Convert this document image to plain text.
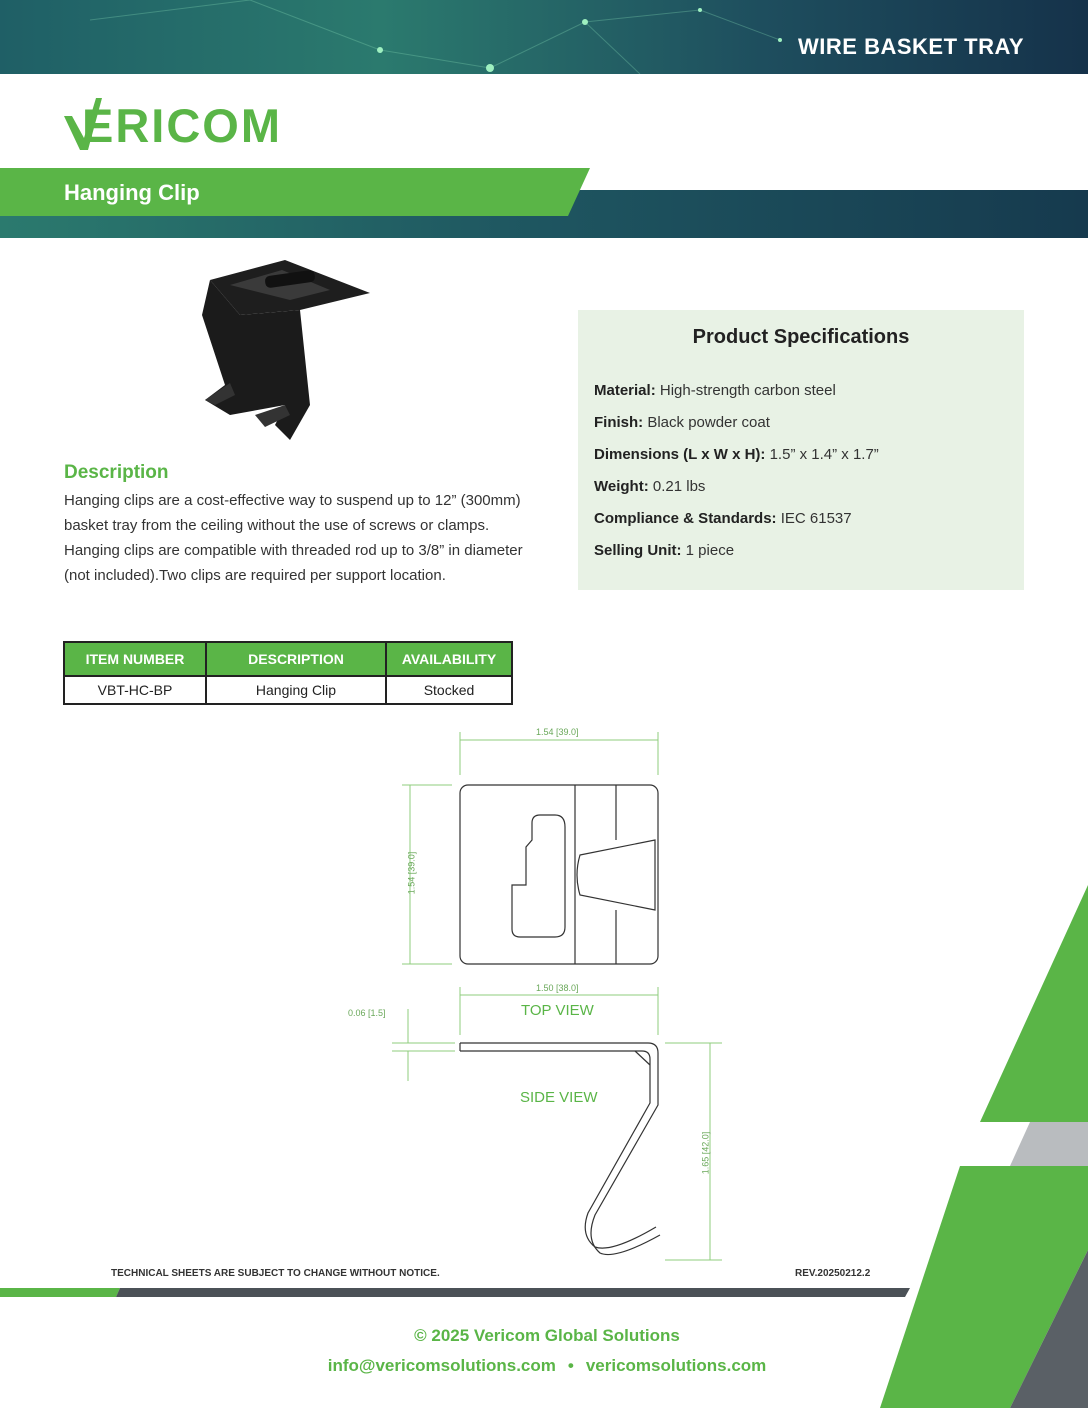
WIRE BASKET TRAY
ERICOM
Hanging Clip
Description
Hanging clips are a cost-effective way to suspend up to 12” (300mm) basket tray from the ceiling without the use of screws or clamps. Hanging clips are compatible with threaded rod up to 3/8” in diameter (not included).Two clips are required per support location.
ITEM NUMBER	DESCRIPTION	AVAILABILITY
VBT-HC-BP	Hanging Clip	Stocked
Product Specifications
Material: High-strength carbon steel
Finish: Black powder coat
Dimensions (L x W x H): 1.5” x 1.4” x 1.7”
Weight: 0.21 lbs
Compliance & Standards: IEC 61537
Selling Unit: 1 piece
1.54 [39.0]
1.54 [39.0]
1.50 [38.0]
0.06 [1.5]
1.65 [42.0]
TOP VIEW
SIDE VIEW
TECHNICAL SHEETS ARE SUBJECT TO CHANGE WITHOUT NOTICE.	REV.20250212.2
© 2025 Vericom Global Solutions
info@vericomsolutions.com • vericomsolutions.com
